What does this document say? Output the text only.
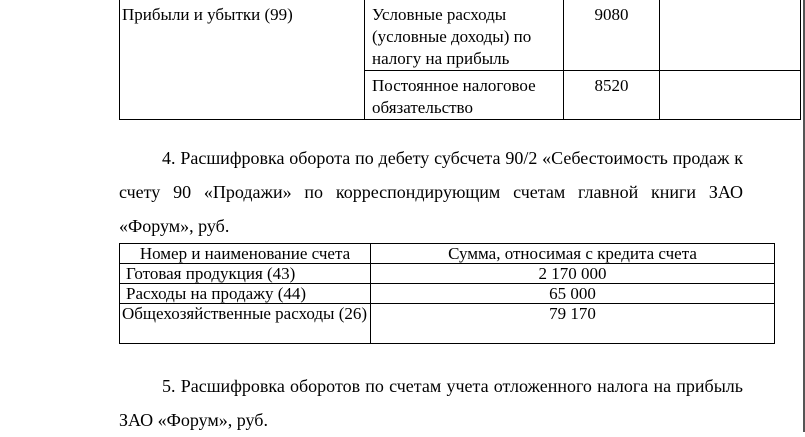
Прибыли и убытки (99)	Условные расходы (условные доходы) по налогу на прибыль	9080	
	Постоянное налоговое обязательство	8520	

4. Расшифровка оборота по дебету субсчета 90/2 «Себестоимость продаж к счету 90 «Продажи» по корреспондирующим счетам главной книги ЗАО «Форум», руб.

Номер и наименование счета	Сумма, относимая с кредита счета
Готовая продукция (43)	2 170 000
Расходы на продажу (44)	65 000
Общехозяйственные расходы (26)	79 170

5. Расшифровка оборотов по счетам учета отложенного налога на прибыль ЗАО «Форум», руб.
